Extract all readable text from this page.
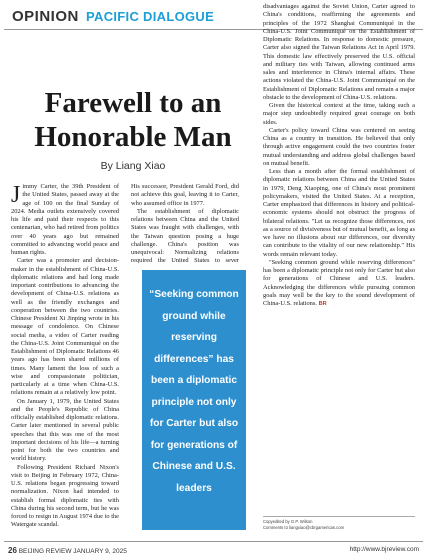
OPINION PACIFIC DIALOGUE
Farewell to an Honorable Man
By Liang Xiao

Jimmy Carter, the 39th President of the United States, passed away at the age of 100 on the final Sunday of 2024. Media outlets extensively covered his life and paid their respects to this centenarian, who had retired from politics over 40 years ago but remained committed to advancing world peace and human rights.

Carter was a promoter and decision-maker in the establishment of China-U.S. diplomatic relations and had long made important contributions to advancing the development of China-U.S. relations as well as the friendly exchanges and cooperation between the two countries. Chinese President Xi Jinping wrote in his message of condolence. On Chinese social media, a video of Carter reading the China-U.S. Joint Communiqué on the Establishment of Diplomatic Relations 46 years ago has been shared millions of times. Many lament the loss of such a wise and compassionate politician, particularly at a time when China-U.S. relations remain at a relatively low point.

On January 1, 1979, the United States and the People's Republic of China officially established diplomatic relations. Carter later mentioned in several public speeches that this was one of the most important decisions of his life—a turning point for both the two countries and world history.

Following President Richard Nixon's visit to Beijing in February 1972, China-U.S. relations began progressing toward normalization. Nixon had intended to establish formal diplomatic ties with China during his second term, but he was forced to resign in August 1974 due to the Watergate scandal.

His successor, President Gerald Ford, did not achieve this goal, leaving it to Carter, who assumed office in 1977.

The establishment of diplomatic relations between China and the United States was fraught with challenges, with the Taiwan question posing a huge challenge. China's position was unequivocal: Normalizing relations required the United States to sever

“Seeking common ground while reserving differences” has been a diplomatic principle not only for Carter but also for generations of Chinese and U.S. leaders

disadvantages against the Soviet Union, Carter agreed to China's conditions, reaffirming the agreements and principles of the 1972 Shanghai Communiqué in the China-U.S. Joint Communiqué on the Establishment of Diplomatic Relations. In response to domestic pressure, Carter also signed the Taiwan Relations Act in April 1979. This domestic law effectively preserved the U.S. official and military ties with Taiwan, allowing continued arms sales and interference in China's internal affairs. These actions violated the China-U.S. Joint Communiqué on the Establishment of Diplomatic Relations and remain a major obstacle to the development of China-U.S. relations.

Given the historical context at the time, taking such a major step undoubtedly required great courage on both sides.

Carter's policy toward China was centered on seeing China as a country in transition. He believed that only through active engagement could the two countries foster mutual understanding and address global challenges based on mutual benefit.

Less than a month after the formal establishment of diplomatic relations between China and the United States in 1979, Deng Xiaoping, one of China's most prominent policymakers, visited the United States. At a reception, Carter emphasized that differences in history and political-economic systems should not obstruct the progress of bilateral relations. "Let us recognize those differences, not as a source of divisiveness but of mutual benefit, as long as we have no illusions about our differences, our diversity can contribute to the vitality of our new relationship." His words remain relevant today.

"Seeking common ground while reserving differences" has been a diplomatic principle not only for Carter but also for generations of Chinese and U.S. leaders. Acknowledging the differences while pursuing common goals may well be the key to the sound development of China-U.S. relations. BR

Copyedited by G.P. Wilson
Comments to liangxiao@cbrgamericas.com
26 BEIJING REVIEW JANUARY 9, 2025	http://www.bjreview.com
